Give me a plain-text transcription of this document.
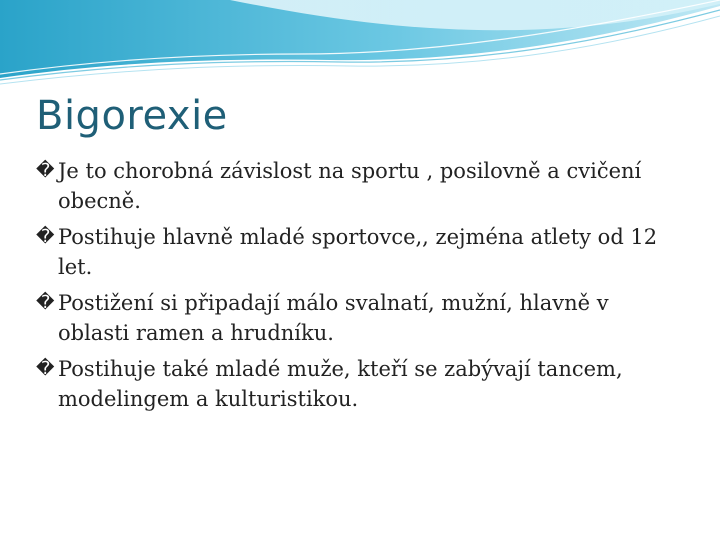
Bigorexie
� Je to chorobná závislost na sportu , posilovně a cvičení obecně.
� Postihuje hlavně mladé sportovce,, zejména atlety od 12 let.
� Postižení si připadají málo svalnatí, mužní, hlavně v oblasti ramen a hrudníku.
� Postihuje také mladé muže, kteří se zabývají tancem, modelingem a kulturistikou.
